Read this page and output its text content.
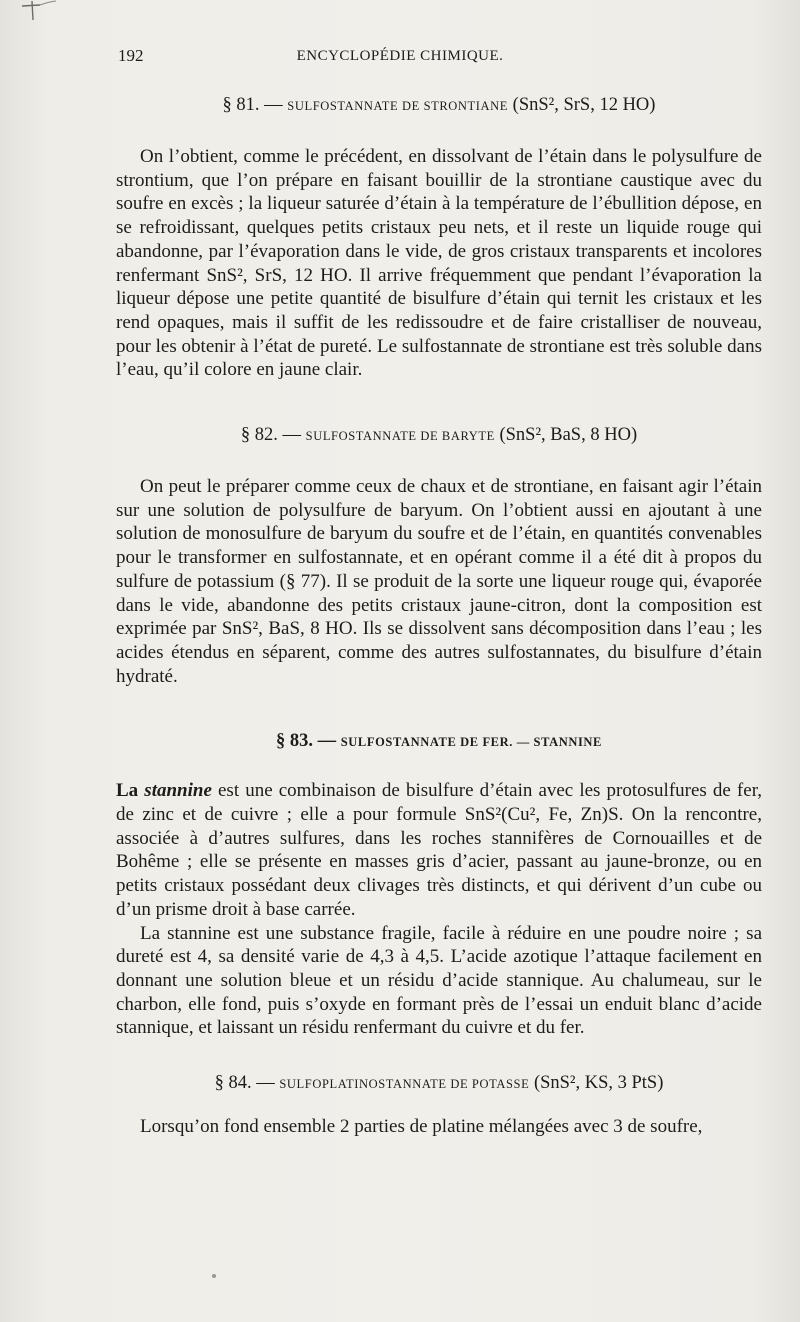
192	ENCYCLOPÉDIE CHIMIQUE.
§ 81. — SULFOSTANNATE DE STRONTIANE (SnS², SrS, 12 HO)

On l’obtient, comme le précédent, en dissolvant de l’étain dans le polysulfure de strontium, que l’on prépare en faisant bouillir de la strontiane caustique avec du soufre en excès ; la liqueur saturée d’étain à la température de l’ébullition dépose, en se refroidissant, quelques petits cristaux peu nets, et il reste un liquide rouge qui abandonne, par l’évaporation dans le vide, de gros cristaux transparents et incolores renfermant SnS², SrS, 12 HO. Il arrive fréquemment que pendant l’évaporation la liqueur dépose une petite quantité de bisulfure d’étain qui ternit les cristaux et les rend opaques, mais il suffit de les redissoudre et de faire cristalliser de nouveau, pour les obtenir à l’état de pureté. Le sulfostannate de strontiane est très soluble dans l’eau, qu’il colore en jaune clair.

§ 82. — SULFOSTANNATE DE BARYTE (SnS², BaS, 8 HO)

On peut le préparer comme ceux de chaux et de strontiane, en faisant agir l’étain sur une solution de polysulfure de baryum. On l’obtient aussi en ajoutant à une solution de monosulfure de baryum du soufre et de l’étain, en quantités convenables pour le transformer en sulfostannate, et en opérant comme il a été dit à propos du sulfure de potassium (§ 77). Il se produit de la sorte une liqueur rouge qui, évaporée dans le vide, abandonne des petits cristaux jaune-citron, dont la composition est exprimée par SnS², BaS, 8 HO. Ils se dissolvent sans décomposition dans l’eau ; les acides étendus en séparent, comme des autres sulfostannates, du bisulfure d’étain hydraté.

§ 83. — SULFOSTANNATE DE FER. — STANNINE

La stannine est une combinaison de bisulfure d’étain avec les protosulfures de fer, de zinc et de cuivre ; elle a pour formule SnS²(Cu², Fe, Zn)S. On la rencontre, associée à d’autres sulfures, dans les roches stannifères de Cornouailles et de Bohême ; elle se présente en masses gris d’acier, passant au jaune-bronze, ou en petits cristaux possédant deux clivages très distincts, et qui dérivent d’un cube ou d’un prisme droit à base carrée.

La stannine est une substance fragile, facile à réduire en une poudre noire ; sa dureté est 4, sa densité varie de 4,3 à 4,5. L’acide azotique l’attaque facilement en donnant une solution bleue et un résidu d’acide stannique. Au chalumeau, sur le charbon, elle fond, puis s’oxyde en formant près de l’essai un enduit blanc d’acide stannique, et laissant un résidu renfermant du cuivre et du fer.

§ 84. — SULFOPLATINOSTANNATE DE POTASSE (SnS², KS, 3 PtS)

Lorsqu’on fond ensemble 2 parties de platine mélangées avec 3 de soufre,
